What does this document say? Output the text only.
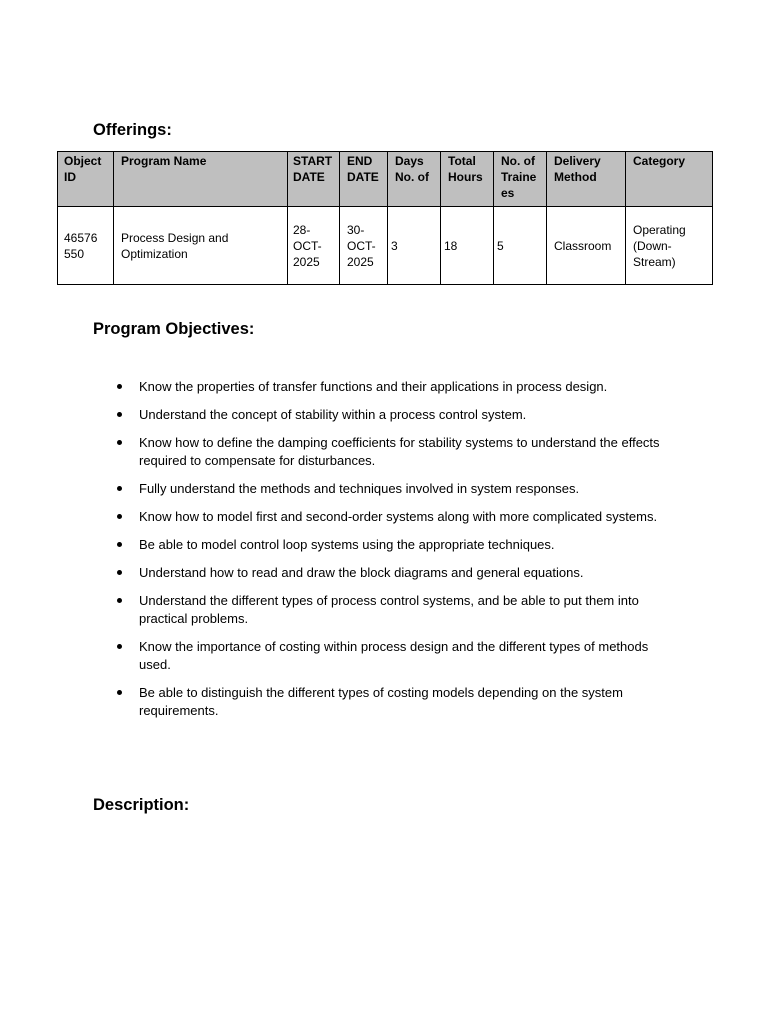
Offerings:
Object ID	Program Name	START DATE	END DATE	Days No. of	Total Hours	No. of Trainees	Delivery Method	Category
46576550	Process Design and Optimization	28-OCT-2025	30-OCT-2025	3	18	5	Classroom	Operating (Down-Stream)
Program Objectives:
Know the properties of transfer functions and their applications in process design.
Understand the concept of stability within a process control system.
Know how to define the damping coefficients for stability systems to understand the effects required to compensate for disturbances.
Fully understand the methods and techniques involved in system responses.
Know how to model first and second-order systems along with more complicated systems.
Be able to model control loop systems using the appropriate techniques.
Understand how to read and draw the block diagrams and general equations.
Understand the different types of process control systems, and be able to put them into practical problems.
Know the importance of costing within process design and the different types of methods used.
Be able to distinguish the different types of costing models depending on the system requirements.
Description:
